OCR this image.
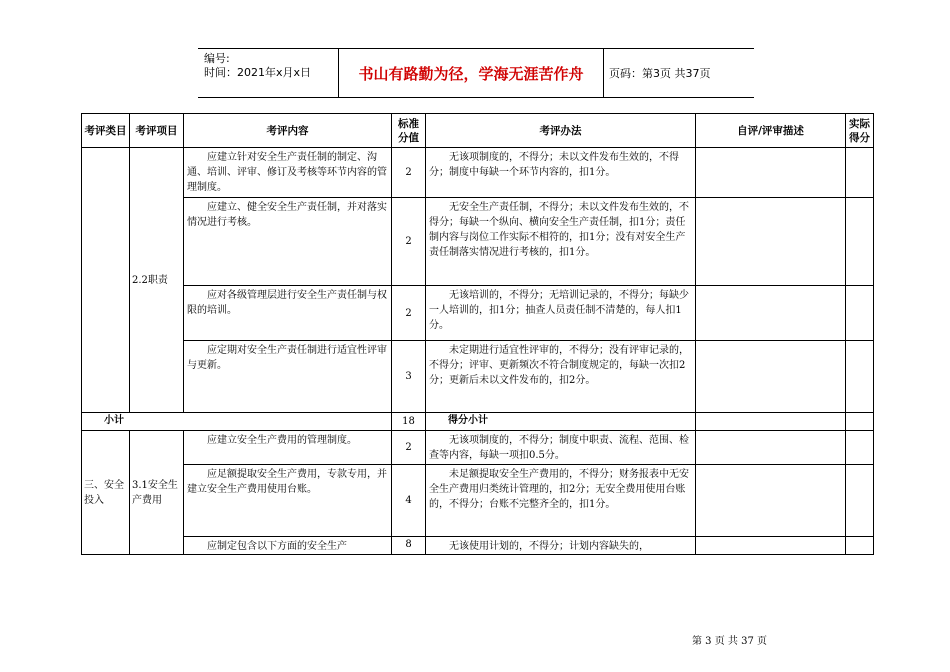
编号:
时间：2021年x月x日	书山有路勤为径，学海无涯苦作舟	页码：第3页 共37页
考评类目	考评项目	考评内容	标准分值	考评办法	自评/评审描述	实际得分
	2.2职责	应建立针对安全生产责任制的制定、沟通、培训、评审、修订及考核等环节内容的管理制度。	2	无该项制度的，不得分；未以文件发布生效的，不得分；制度中每缺一个环节内容的，扣1分。		
		应建立、健全安全生产责任制，并对落实情况进行考核。	2	无安全生产责任制，不得分；未以文件发布生效的，不得分；每缺一个纵向、横向安全生产责任制，扣1分；责任制内容与岗位工作实际不相符的，扣1分；没有对安全生产责任制落实情况进行考核的，扣1分。		
		应对各级管理层进行安全生产责任制与权限的培训。	2	无该培训的，不得分；无培训记录的，不得分；每缺少一人培训的，扣1分；抽查人员责任制不清楚的，每人扣1分。		
		应定期对安全生产责任制进行适宜性评审与更新。	3	未定期进行适宜性评审的，不得分；没有评审记录的，不得分；评审、更新频次不符合制度规定的，每缺一次扣2分；更新后未以文件发布的，扣2分。		
小计			18	得分小计		
三、安全投入	3.1安全生产费用	应建立安全生产费用的管理制度。	2	无该项制度的，不得分；制度中职责、流程、范围、检查等内容，每缺一项扣0.5分。		
		应足额提取安全生产费用，专款专用，并建立安全生产费用使用台账。	4	未足额提取安全生产费用的，不得分；财务报表中无安全生产费用归类统计管理的，扣2分；无安全费用使用台账的，不得分；台账不完整齐全的，扣1分。		
		应制定包含以下方面的安全生产	8	无该使用计划的，不得分；计划内容缺失的，		
第 3 页 共 37 页
